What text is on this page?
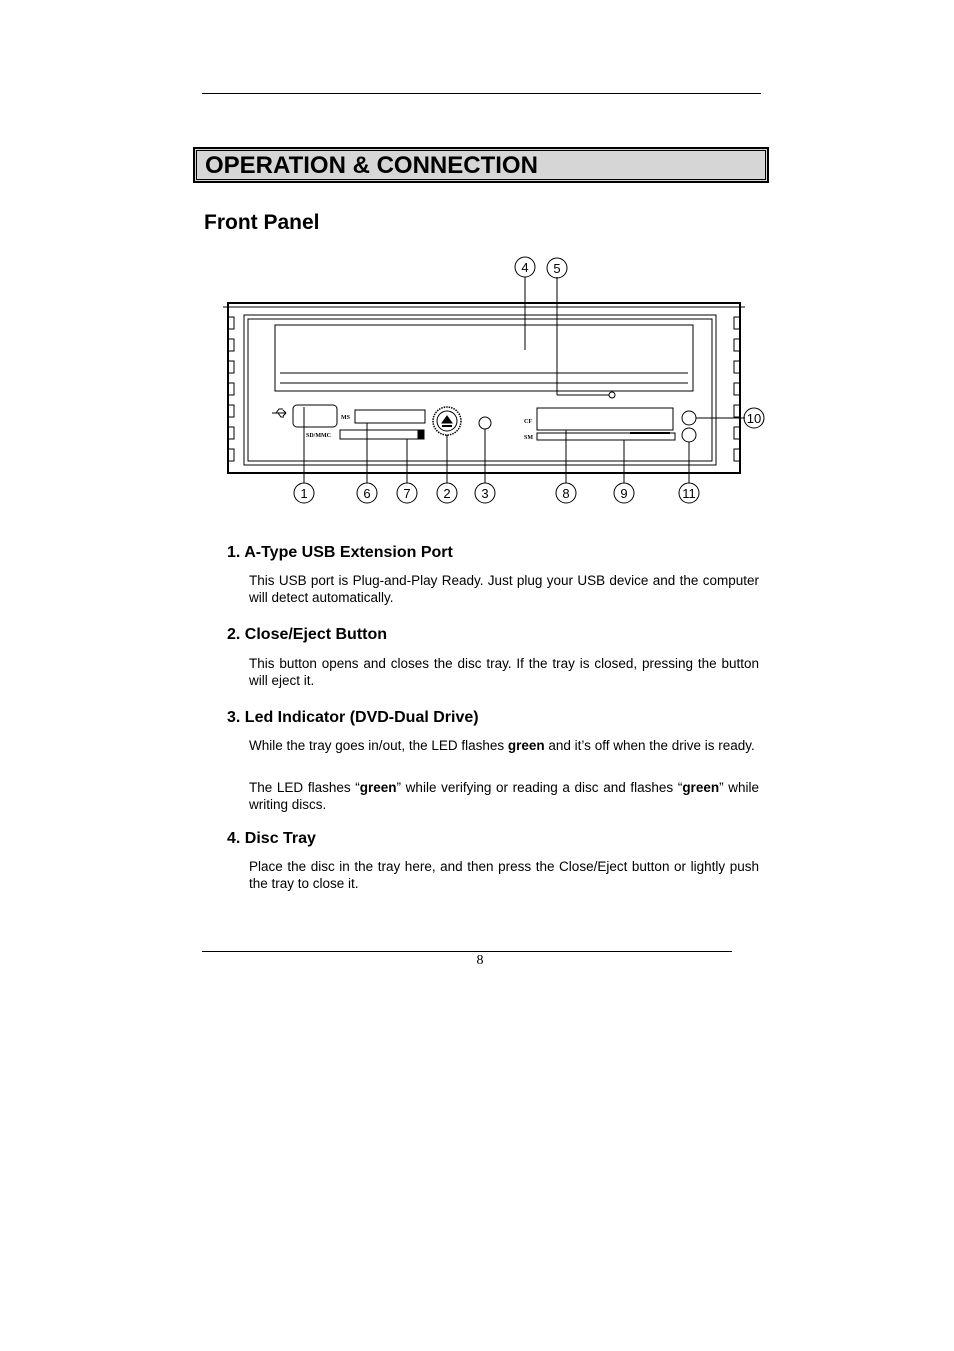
OPERATION & CONNECTION
Front Panel
MS
SD/MMC
CF
SM
4 5
10
1	6	7	2 3	8	9	11
1. A-Type USB Extension Port

This USB port is Plug-and-Play Ready. Just plug your USB device and the computer will detect automatically.

2. Close/Eject Button

This button opens and closes the disc tray. If the tray is closed, pressing the button will eject it.

3. Led Indicator (DVD-Dual Drive)

While the tray goes in/out, the LED flashes green and it’s off when the drive is ready.

The LED flashes “green” while verifying or reading a disc and flashes “green” while writing discs.

4. Disc Tray

Place the disc in the tray here, and then press the Close/Eject button or lightly push the tray to close it.

8
